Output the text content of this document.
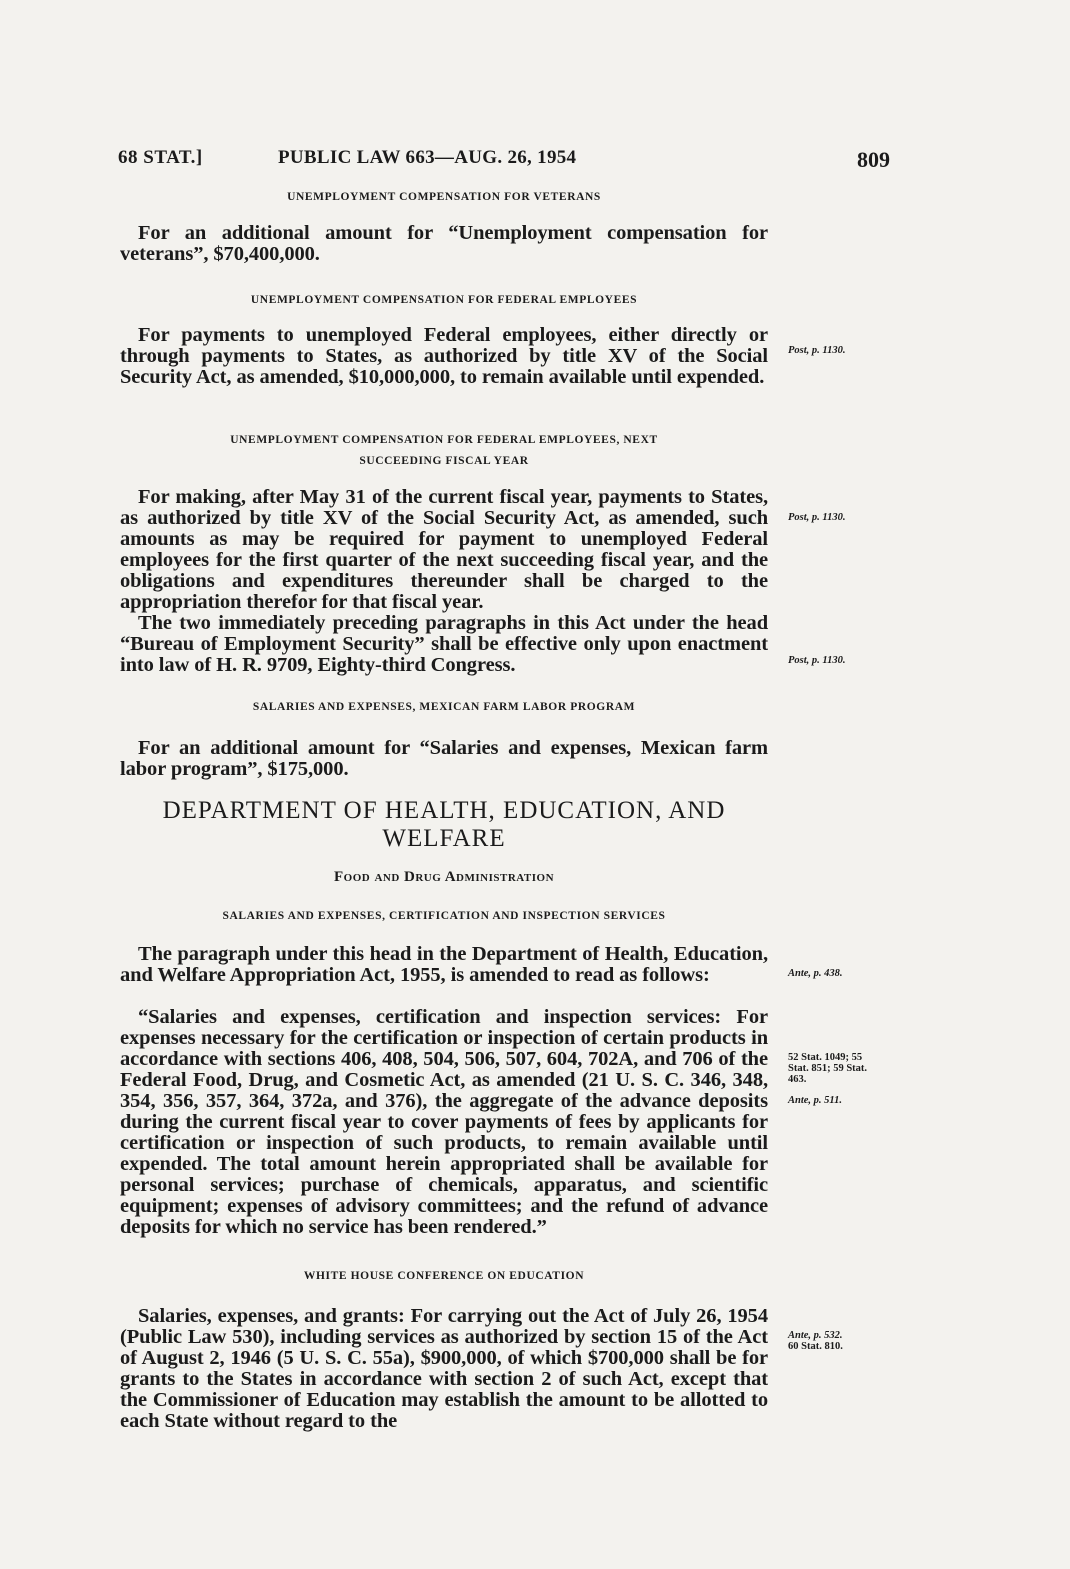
68 STAT.]	PUBLIC LAW 663—AUG. 26, 1954	809
UNEMPLOYMENT COMPENSATION FOR VETERANS
For an additional amount for “Unemployment compensation for veterans”, $70,400,000.
UNEMPLOYMENT COMPENSATION FOR FEDERAL EMPLOYEES
For payments to unemployed Federal employees, either directly or through payments to States, as authorized by title XV of the Social Security Act, as amended, $10,000,000, to remain available until expended.
Post, p. 1130.
UNEMPLOYMENT COMPENSATION FOR FEDERAL EMPLOYEES, NEXT
SUCCEEDING FISCAL YEAR
For making, after May 31 of the current fiscal year, payments to States, as authorized by title XV of the Social Security Act, as amended, such amounts as may be required for payment to unemployed Federal employees for the first quarter of the next succeeding fiscal year, and the obligations and expenditures thereunder shall be charged to the appropriation therefor for that fiscal year.
Post, p. 1130.
The two immediately preceding paragraphs in this Act under the head “Bureau of Employment Security” shall be effective only upon enactment into law of H. R. 9709, Eighty-third Congress.	Post, p. 1130.
SALARIES AND EXPENSES, MEXICAN FARM LABOR PROGRAM
For an additional amount for “Salaries and expenses, Mexican farm labor program”, $175,000.
DEPARTMENT OF HEALTH, EDUCATION, AND
WELFARE
Food and Drug Administration
SALARIES AND EXPENSES, CERTIFICATION AND INSPECTION SERVICES
The paragraph under this head in the Department of Health, Education, and Welfare Appropriation Act, 1955, is amended to read as follows:	Ante, p. 438.
“Salaries and expenses, certification and inspection services: For expenses necessary for the certification or inspection of certain products in accordance with sections 406, 408, 504, 506, 507, 604, 702A, and 706 of the Federal Food, Drug, and Cosmetic Act, as amended (21 U. S. C. 346, 348, 354, 356, 357, 364, 372a, and 376), the aggregate of the advance deposits during the current fiscal year to cover payments of fees by applicants for certification or inspection of such products, to remain available until expended. The total amount herein appropriated shall be available for personal services; purchase of chemicals, apparatus, and scientific equipment; expenses of advisory committees; and the refund of advance deposits for which no service has been rendered.”
52 Stat. 1049; 55
Stat. 851; 59 Stat.
463.
Ante, p. 511.
WHITE HOUSE CONFERENCE ON EDUCATION
Salaries, expenses, and grants: For carrying out the Act of July 26, 1954 (Public Law 530), including services as authorized by section 15 of the Act of August 2, 1946 (5 U. S. C. 55a), $900,000, of which $700,000 shall be for grants to the States in accordance with section 2 of such Act, except that the Commissioner of Education may establish the amount to be allotted to each State without regard to the
Ante, p. 532.
60 Stat. 810.
